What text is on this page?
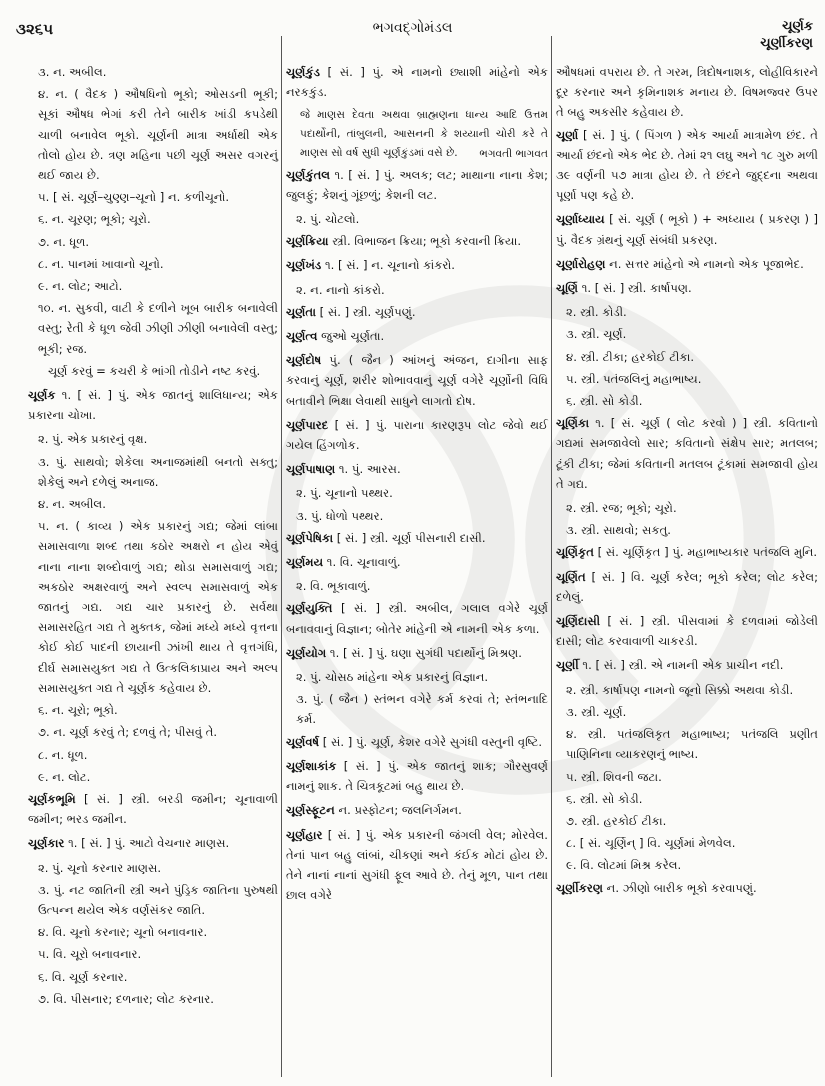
૩૨૬૫	ભગવદ્ગોમંડલ	ચૂર્ણક
ચૂર્ણીકરણ
૩. ન. અબીલ.
૪. ન. ( વૈદક ) ઔષધિનો ભૂકો; ઓસડની ભૂકી; સૂકાં ઔષધ ભેગાં કરી તેને બારીક ખાંડી કપડેથી ચાળી બનાવેલ ભૂકો. ચૂર્ણની માત્રા અર્ધાથી એક તોલો હોય છે. ત્રણ મહિના પછી ચૂર્ણ અસર વગરનું થઈ જાય છે.
૫. [ સં. ચૂર્ણ–ચુણ્ણ–ચૂનો ] ન. કળીચૂનો.
૬. ન. ચૂરણ; ભૂકો; ચૂરો.
૭. ન. ધૂળ.
૮. ન. પાનમાં ખાવાનો ચૂનો.
૯. ન. લોટ; આટો.
૧૦. ન. સુકવી, વાટી કે દળીને ખૂબ બારીક બનાવેલી વસ્તુ; રેતી કે ધૂળ જેવી ઝીણી ઝીણી બનાવેલી વસ્તુ; ભૂકી; રજ.
ચૂર્ણ કરવું = કચરી કે ભાંગી તોડીને નષ્ટ કરવું.
ચૂર્ણક ૧. [ સં. ] પું. એક જાતનું શાલિધાન્ય; એક પ્રકારના ચોખા.
૨. પું. એક પ્રકારનું વૃક્ષ.
૩. પું. સાથવો; શેકેલા અનાજમાંથી બનતો સક્તુ; શેકેલું અને દળેલું અનાજ.
૪. ન. અબીલ.
૫. ન. ( કાવ્ય ) એક પ્રકારનું ગદ્ય; જેમાં લાંબા સમાસવાળા શબ્દ તથા કઠોર અક્ષરો ન હોય એવું નાના નાના શબ્દોવાળું ગદ્ય; થોડા સમાસવાળું ગદ્ય; અકઠોર અક્ષરવાળું અને સ્વલ્પ સમાસવાળું એક જાતનું ગદ્ય. ગદ્ય ચાર પ્રકારનું છે. સર્વથા સમાસરહિત ગદ્ય તે મુક્તક, જેમાં મધ્યે મધ્યે વૃત્તના કોઈ કોઈ પાદની છાયાની ઝાંખી થાય તે વૃત્તગંધિ, દીર્ઘ સમાસયુક્ત ગદ્ય તે ઉત્કલિકાપ્રાય અને અલ્પ સમાસયુક્ત ગદ્ય તે ચૂર્ણક કહેવાય છે.
૬. ન. ચૂરો; ભૂકો.
૭. ન. ચૂર્ણ કરવું તે; દળવું તે; પીસવું તે.
૮. ન. ધૂળ.
૯. ન. લોટ.
ચૂર્ણકભૂમિ [ સં. ] સ્ત્રી. બરડી જમીન; ચૂનાવાળી જમીન; ભરડ જમીન.
ચૂર્ણકાર ૧. [ સં. ] પું. આટો વેચનાર માણસ.
૨. પું. ચૂનો કરનાર માણસ.
૩. પું. નટ જાતિની સ્ત્રી અને પુંડ્રિક જાતિના પુરુષથી ઉત્પન્ન થયેલ એક વર્ણસંકર જાતિ.
૪. વિ. ચૂનો કરનાર; ચૂનો બનાવનાર.
૫. વિ. ચૂરો બનાવનાર.
૬. વિ. ચૂર્ણ કરનાર.
૭. વિ. પીસનાર; દળનાર; લોટ કરનાર.
ચૂર્ણકુંડ [ સં. ] પું. એ નામનો છ્યાશી માંહેનો એક નરકકુંડ.
જે માણસ દેવતા અથવા બ્રાહ્મણના ધાન્ય આદિ ઉત્તમ પદાર્થોની, તાંબુલની, આસનની કે શય્યાની ચોરી કરે તે માણસ સો વર્ષ સુધી ચૂર્ણકુંડમાં વસે છે.	ભગવતી ભાગવત
ચૂર્ણકુંતલ ૧. [ સં. ] પું. અલક; લટ; માથાના નાના કેશ; જુલફું; કેશનું ગૂંછળું; કેશની લટ.
૨. પું. ચોટલો.
ચૂર્ણક્રિયા સ્ત્રી. વિભાજન ક્રિયા; ભૂકો કરવાની ક્રિયા.
ચૂર્ણખંડ ૧. [ સં. ] ન. ચૂનાનો કાંકરો.
૨. ન. નાનો કાંકરો.
ચૂર્ણતા [ સં. ] સ્ત્રી. ચૂર્ણપણું.
ચૂર્ણત્વ જુઓ ચૂર્ણતા.
ચૂર્ણદોષ પું. ( જૈન ) આંખનું અંજન, દાગીના સાફ કરવાનું ચૂર્ણ, શરીર શોભાવવાનું ચૂર્ણ વગેરે ચૂર્ણોની વિધિ બતાવીને ભિક્ષા લેવાથી સાધુને લાગતો દોષ.
ચૂર્ણપારદ [ સં. ] પું. પારાના કારણરૂપ લોટ જેવો થઈ ગયેલ હિંગળોક.
ચૂર્ણપાષાણ ૧. પું. આરસ.
૨. પું. ચૂનાનો પથ્થર.
૩. પું. ધોળો પથ્થર.
ચૂર્ણપેષિકા [ સં. ] સ્ત્રી. ચૂર્ણ પીસનારી દાસી.
ચૂર્ણમય ૧. વિ. ચૂનાવાળું.
૨. વિ. ભૂકાવાળું.
ચૂર્ણયુક્તિ [ સં. ] સ્ત્રી. અબીલ, ગલાલ વગેરે ચૂર્ણ બનાવવાનું વિજ્ઞાન; બોતેર માંહેની એ નામની એક કળા.
ચૂર્ણયોગ ૧. [ સં. ] પું. ઘણા સુગંધી પદાર્થોનું મિશ્રણ.
૨. પું. ચોસઠ માંહેના એક પ્રકારનું વિજ્ઞાન.
૩. પું. ( જૈન ) સ્તંભન વગેરે કર્મ કરવાં તે; સ્તંભનાદિ કર્મ.
ચૂર્ણવર્ષ [ સં. ] પું. ચૂર્ણ, કેશર વગેરે સુગંધી વસ્તુની વૃષ્ટિ.
ચૂર્ણશાકાંક [ સં. ] પું. એક જાતનું શાક; ગૌરસુવર્ણ નામનું શાક. તે ચિત્રકૂટમાં બહુ થાય છે.
ચૂર્ણસ્ફૂટન ન. પ્રસ્ફોટન; જલનિર્ગમન.
ચૂર્ણહાર [ સં. ] પું. એક પ્રકારની જંગલી વેલ; મોરવેલ. તેનાં પાન બહુ લાંબાં, ચીકણાં અને કંઈક મોટાં હોય છે. તેને નાનાં નાનાં સુગંધી ફૂલ આવે છે. તેનું મૂળ, પાન તથા છાલ વગેરે
ઔષધમાં વપરાય છે. તે ગરમ, ત્રિદોષનાશક, લોહીવિકારને દૂર કરનાર અને કૃમિનાશક મનાય છે. વિષમજ્વર ઉપર તે બહુ અકસીર કહેવાય છે.
ચૂર્ણા [ સં. ] પું. ( પિંગળ ) એક આર્યા માત્રામેળ છંદ. તે આર્યા છંદનો એક ભેદ છે. તેમાં ૨૧ લઘુ અને ૧૮ ગુરુ મળી ૩૯ વર્ણની ૫૭ માત્રા હોય છે. તે છંદને જુદ્દના અથવા પૂર્ણા પણ કહે છે.
ચૂર્ણાધ્યાય [ સં. ચૂર્ણ ( ભૂકો ) + અધ્યાય ( પ્રકરણ ) ] પું. વૈદક ગ્રંથનું ચૂર્ણ સંબંધી પ્રકરણ.
ચૂર્ણારોહણ ન. સત્તર માંહેનો એ નામનો એક પૂજાભેદ.
ચૂર્ણિ ૧. [ સં. ] સ્ત્રી. કાર્ષાપણ.
૨. સ્ત્રી. કોડી.
૩. સ્ત્રી. ચૂર્ણ.
૪. સ્ત્રી. ટીકા; હરકોઈ ટીકા.
૫. સ્ત્રી. પતંજલિનું મહાભાષ્ય.
૬. સ્ત્રી. સો કોડી.
ચૂર્ણિકા ૧. [ સં. ચૂર્ણ ( લોટ કરવો ) ] સ્ત્રી. કવિતાનો ગદ્યમાં સમજાવેલો સાર; કવિતાનો સંક્ષેપ સાર; મતલબ; ટૂંકી ટીકા; જેમાં કવિતાની મતલબ ટૂંકામાં સમજાવી હોય તે ગદ્ય.
૨. સ્ત્રી. રજ; ભૂકો; ચૂરો.
૩. સ્ત્રી. સાથવો; સકતુ.
ચૂર્ણિકૃત [ સં. ચૂર્ણિકૃત ] પું. મહાભાષ્યકાર પતંજલિ મુનિ.
ચૂર્ણિત [ સં. ] વિ. ચૂર્ણ કરેલ; ભૂકો કરેલ; લોટ કરેલ; દળેલું.
ચૂર્ણિદાસી [ સં. ] સ્ત્રી. પીસવામાં કે દળવામાં જોડેલી દાસી; લોટ કરવાવાળી ચાકરડી.
ચૂર્ણી ૧. [ સં. ] સ્ત્રી. એ નામની એક પ્રાચીન નદી.
૨. સ્ત્રી. કાર્ષાપણ નામનો જૂનો સિક્કો અથવા કોડી.
૩. સ્ત્રી. ચૂર્ણ.
૪. સ્ત્રી. પતંજલિકૃત મહાભાષ્ય; પતંજલિ પ્રણીત પાણિનિના વ્યાકરણનું ભાષ્ય.
૫. સ્ત્રી. શિવની જટા.
૬. સ્ત્રી. સો કોડી.
૭. સ્ત્રી. હરકોઈ ટીકા.
૮. [ સં. ચૂર્ણિન્ ] વિ. ચૂર્ણમાં મેળવેલ.
૯. વિ. લોટમાં મિશ્ર કરેલ.
ચૂર્ણીકરણ ન. ઝીણો બારીક ભૂકો કરવાપણું.
